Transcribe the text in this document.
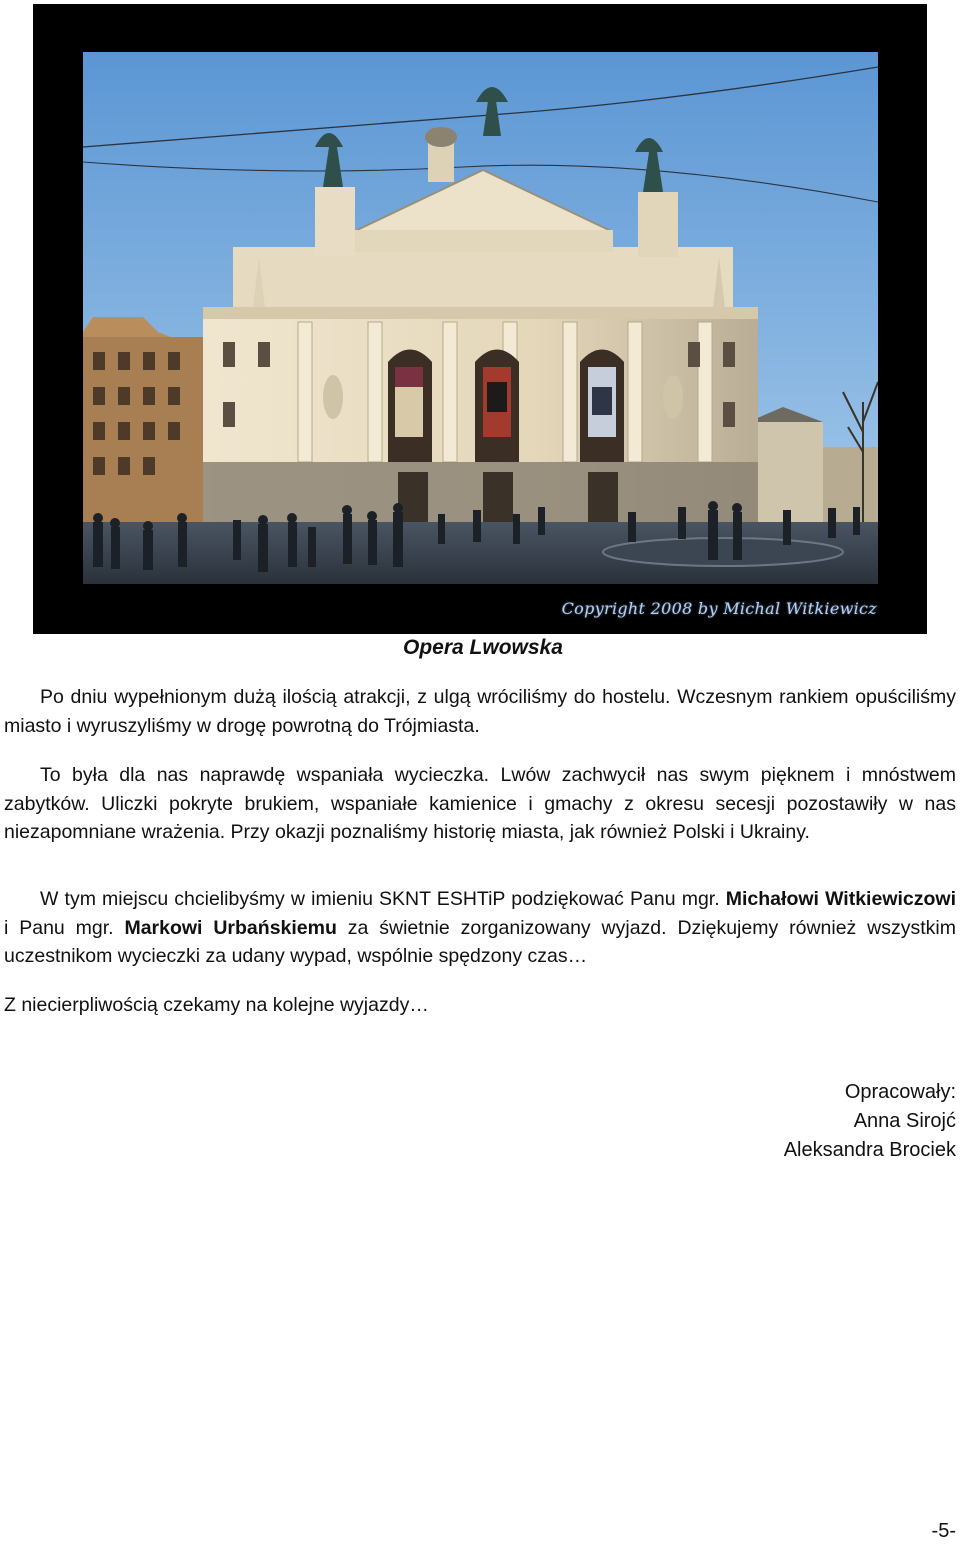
Copyright 2008 by Michal Witkiewicz
Opera Lwowska

Po dniu wypełnionym dużą ilością atrakcji, z ulgą wróciliśmy do hostelu. Wczesnym rankiem opuściliśmy miasto i wyruszyliśmy w drogę powrotną do Trójmiasta.

To była dla nas naprawdę wspaniała wycieczka. Lwów zachwycił nas swym pięknem i mnóstwem zabytków. Uliczki pokryte brukiem, wspaniałe kamienice i gmachy z okresu secesji pozostawiły w nas niezapomniane wrażenia. Przy okazji poznaliśmy historię miasta, jak również Polski i Ukrainy.

W tym miejscu chcielibyśmy w imieniu SKNT ESHTiP podziękować Panu mgr. Michałowi Witkiewiczowi i Panu mgr. Markowi Urbańskiemu za świetnie zorganizowany wyjazd. Dziękujemy również wszystkim uczestnikom wycieczki za udany wypad, wspólnie spędzony czas…

Z niecierpliwością czekamy na kolejne wyjazdy…

Opracowały:
Anna Sirojć
Aleksandra Brociek
-5-
